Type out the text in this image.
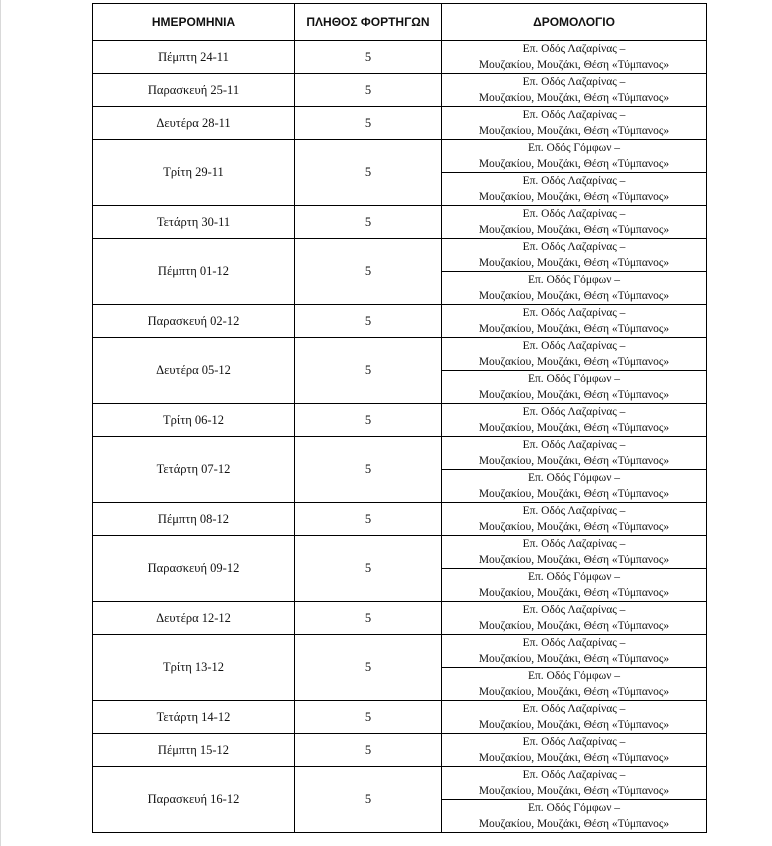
ΗΜΕΡΟΜΗΝΙΑ	ΠΛΗΘΟΣ ΦΟΡΤΗΓΩΝ	ΔΡΟΜΟΛΟΓΙΟ
Πέμπτη 24-11	5	Επ. Οδός Λαζαρίνας –
Μουζακίου, Μουζάκι, Θέση «Τύμπανος»

Παρασκευή 25-11	5	Επ. Οδός Λαζαρίνας –
Μουζακίου, Μουζάκι, Θέση «Τύμπανος»

Δευτέρα 28-11	5	Επ. Οδός Λαζαρίνας –
Μουζακίου, Μουζάκι, Θέση «Τύμπανος»

Τρίτη 29-11	5	Επ. Οδός Γόμφων –
Μουζακίου, Μουζάκι, Θέση «Τύμπανος»

		Επ. Οδός Λαζαρίνας –
Μουζακίου, Μουζάκι, Θέση «Τύμπανος»

Τετάρτη 30-11	5	Επ. Οδός Λαζαρίνας –
Μουζακίου, Μουζάκι, Θέση «Τύμπανος»

Πέμπτη 01-12	5	Επ. Οδός Λαζαρίνας –
Μουζακίου, Μουζάκι, Θέση «Τύμπανος»

		Επ. Οδός Γόμφων –
Μουζακίου, Μουζάκι, Θέση «Τύμπανος»

Παρασκευή 02-12	5	Επ. Οδός Λαζαρίνας –
Μουζακίου, Μουζάκι, Θέση «Τύμπανος»

Δευτέρα 05-12	5	Επ. Οδός Λαζαρίνας –
Μουζακίου, Μουζάκι, Θέση «Τύμπανος»

		Επ. Οδός Γόμφων –
Μουζακίου, Μουζάκι, Θέση «Τύμπανος»

Τρίτη 06-12	5	Επ. Οδός Λαζαρίνας –
Μουζακίου, Μουζάκι, Θέση «Τύμπανος»

Τετάρτη 07-12	5	Επ. Οδός Λαζαρίνας –
Μουζακίου, Μουζάκι, Θέση «Τύμπανος»

		Επ. Οδός Γόμφων –
Μουζακίου, Μουζάκι, Θέση «Τύμπανος»

Πέμπτη 08-12	5	Επ. Οδός Λαζαρίνας –
Μουζακίου, Μουζάκι, Θέση «Τύμπανος»

Παρασκευή 09-12	5	Επ. Οδός Λαζαρίνας –
Μουζακίου, Μουζάκι, Θέση «Τύμπανος»

		Επ. Οδός Γόμφων –
Μουζακίου, Μουζάκι, Θέση «Τύμπανος»

Δευτέρα 12-12	5	Επ. Οδός Λαζαρίνας –
Μουζακίου, Μουζάκι, Θέση «Τύμπανος»

Τρίτη 13-12	5	Επ. Οδός Λαζαρίνας –
Μουζακίου, Μουζάκι, Θέση «Τύμπανος»

		Επ. Οδός Γόμφων –
Μουζακίου, Μουζάκι, Θέση «Τύμπανος»

Τετάρτη 14-12	5	Επ. Οδός Λαζαρίνας –
Μουζακίου, Μουζάκι, Θέση «Τύμπανος»

Πέμπτη 15-12	5	Επ. Οδός Λαζαρίνας –
Μουζακίου, Μουζάκι, Θέση «Τύμπανος»

Παρασκευή 16-12	5	Επ. Οδός Λαζαρίνας –
Μουζακίου, Μουζάκι, Θέση «Τύμπανος»

		Επ. Οδός Γόμφων –
Μουζακίου, Μουζάκι, Θέση «Τύμπανος»
